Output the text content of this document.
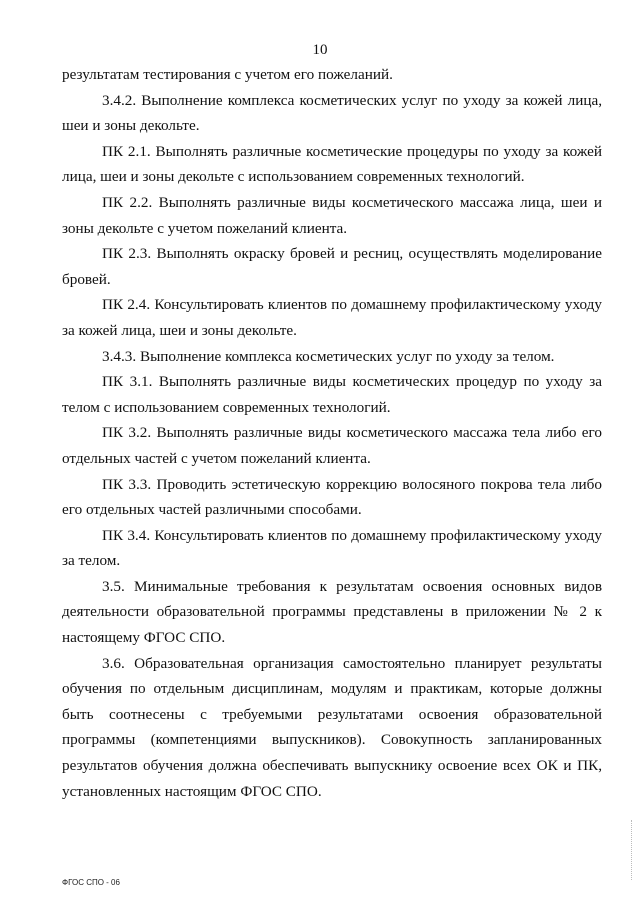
10

результатам тестирования с учетом его пожеланий.

3.4.2. Выполнение комплекса косметических услуг по уходу за кожей лица, шеи и зоны декольте.

ПК 2.1. Выполнять различные косметические процедуры по уходу за кожей лица, шеи и зоны декольте с использованием современных технологий.

ПК 2.2. Выполнять различные виды косметического массажа лица, шеи и зоны декольте с учетом пожеланий клиента.

ПК 2.3. Выполнять окраску бровей и ресниц, осуществлять моделирование бровей.

ПК 2.4. Консультировать клиентов по домашнему профилактическому уходу за кожей лица, шеи и зоны декольте.

3.4.3. Выполнение комплекса косметических услуг по уходу за телом.

ПК 3.1. Выполнять различные виды косметических процедур по уходу за телом с использованием современных технологий.

ПК 3.2. Выполнять различные виды косметического массажа тела либо его отдельных частей с учетом пожеланий клиента.

ПК 3.3. Проводить эстетическую коррекцию волосяного покрова тела либо его отдельных частей различными способами.

ПК 3.4. Консультировать клиентов по домашнему профилактическому уходу за телом.

3.5. Минимальные требования к результатам освоения основных видов деятельности образовательной программы представлены в приложении № 2 к настоящему ФГОС СПО.

3.6. Образовательная организация самостоятельно планирует результаты обучения по отдельным дисциплинам, модулям и практикам, которые должны быть соотнесены с требуемыми результатами освоения образовательной программы (компетенциями выпускников). Совокупность запланированных результатов обучения должна обеспечивать выпускнику освоение всех ОК и ПК, установленных настоящим ФГОС СПО.

ФГОС СПО - 06
